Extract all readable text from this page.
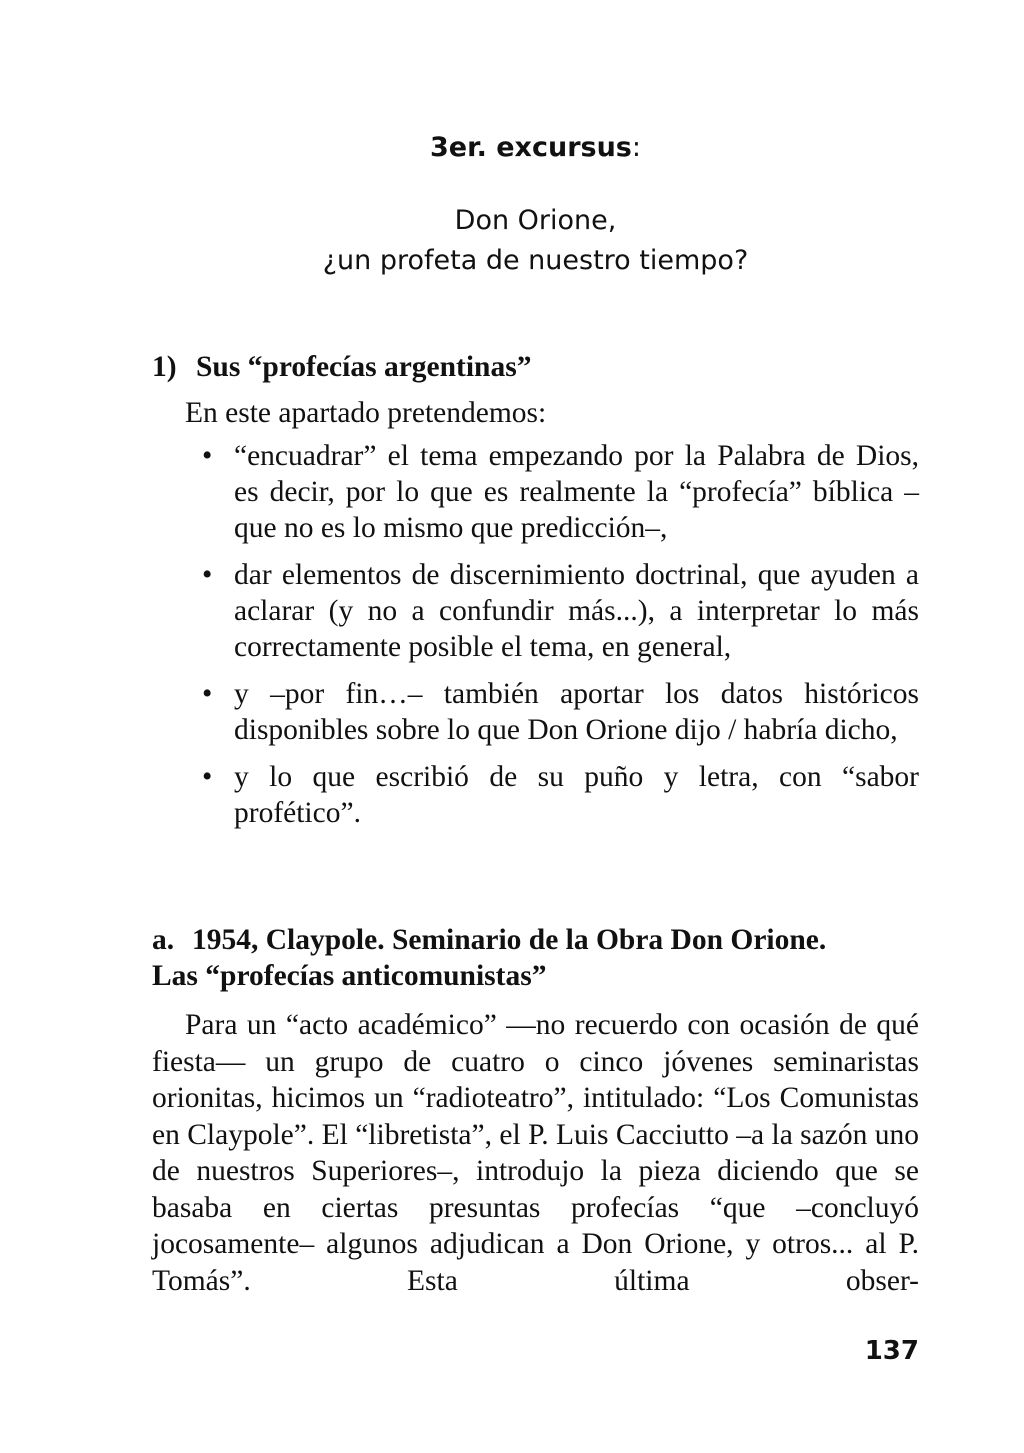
3er. excursus:
Don Orione,
¿un profeta de nuestro tiempo?
1) Sus “profecías argentinas”
En este apartado pretendemos:
• “encuadrar” el tema empezando por la Palabra de Dios, es decir, por lo que es realmente la “profecía” bíblica –que no es lo mismo que predicción–,
• dar elementos de discernimiento doctrinal, que ayuden a aclarar (y no a confundir más...), a interpretar lo más correctamente posible el tema, en general,
• y –por fin…– también aportar los datos históricos disponibles sobre lo que Don Orione dijo / habría dicho,
• y lo que escribió de su puño y letra, con “sabor profético”.
a. 1954, Claypole. Seminario de la Obra Don Orione.
Las “profecías anticomunistas”

Para un “acto académico” —no recuerdo con ocasión de qué fiesta— un grupo de cuatro o cinco jóvenes seminaristas orionitas, hicimos un “radioteatro”, intitulado: “Los Comunistas en Claypole”. El “libretista”, el P. Luis Cacciutto –a la sazón uno de nuestros Superiores–, introdujo la pieza diciendo que se basaba en ciertas presuntas profecías “que –concluyó jocosamente– algunos adjudican a Don Orione, y otros... al P. Tomás”. Esta última obser-

137
